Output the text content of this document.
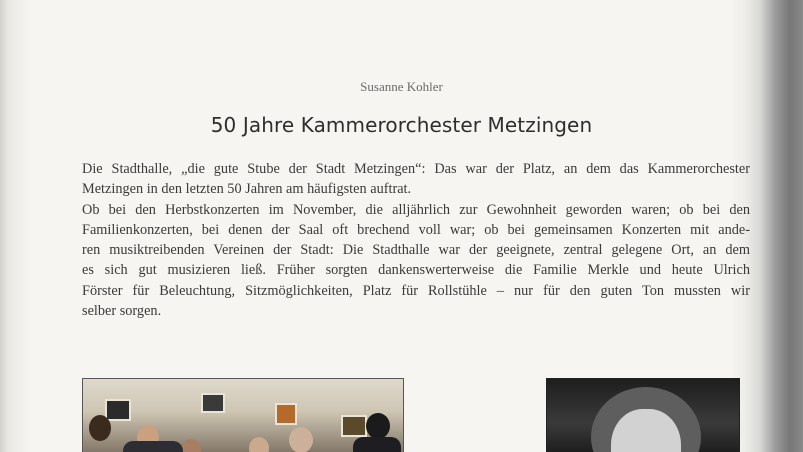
Susanne Kohler
50 Jahre Kammerorchester Metzingen
Die Stadthalle, „die gute Stube der Stadt Metzingen“: Das war der Platz, an dem das Kammerorchester
Metzingen in den letzten 50 Jahren am häufigsten auftrat.
Ob bei den Herbstkonzerten im November, die alljährlich zur Gewohnheit geworden waren; ob bei den
Familienkonzerten, bei denen der Saal oft brechend voll war; ob bei gemeinsamen Konzerten mit ande-
ren musiktreibenden Vereinen der Stadt: Die Stadthalle war der geeignete, zentral gelegene Ort, an dem
es sich gut musizieren ließ. Früher sorgten dankenswerterweise die Familie Merkle und heute Ulrich
Förster für Beleuchtung, Sitzmöglichkeiten, Platz für Rollstühle – nur für den guten Ton mussten wir
selber sorgen.
